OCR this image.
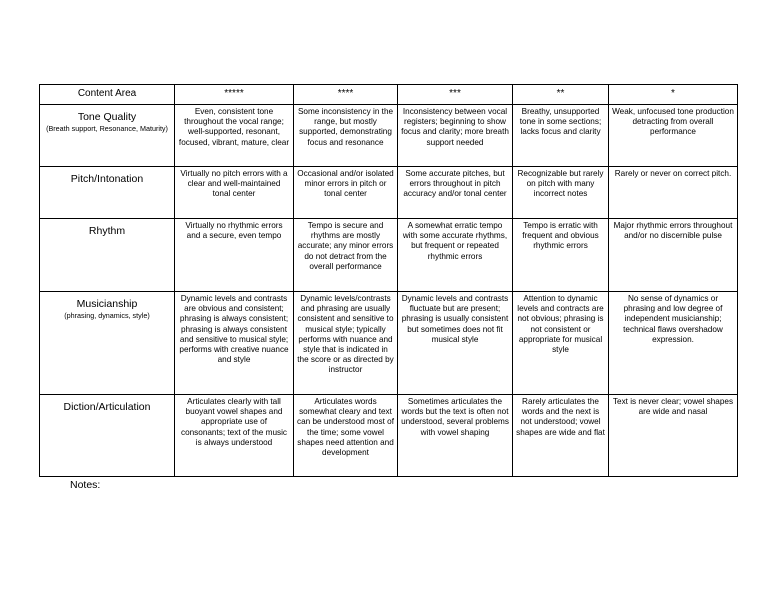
Content Area	*****	****	***	**	*

Tone Quality
(Breath support, Resonance, Maturity)	Even, consistent tone throughout the vocal range; well-supported, resonant, focused, vibrant, mature, clear	Some inconsistency in the range, but mostly supported, demonstrating focus and resonance	Inconsistency between vocal registers; beginning to show focus and clarity; more breath support needed	Breathy, unsupported tone in some sections; lacks focus and clarity	Weak, unfocused tone production detracting from overall performance

Pitch/Intonation	Virtually no pitch errors with a clear and well-maintained tonal center	Occasional and/or isolated minor errors in pitch or tonal center	Some accurate pitches, but errors throughout in pitch accuracy and/or tonal center	Recognizable but rarely on pitch with many incorrect notes	Rarely or never on correct pitch.

Rhythm	Virtually no rhythmic errors and a secure, even tempo	Tempo is secure and rhythms are mostly accurate; any minor errors do not detract from the overall performance	A somewhat erratic tempo with some accurate rhythms, but frequent or repeated rhythmic errors	Tempo is erratic with frequent and obvious rhythmic errors	Major rhythmic errors throughout and/or no discernible pulse

Musicianship
(phrasing, dynamics, style)	Dynamic levels and contrasts are obvious and consistent; phrasing is always consistent; phrasing is always consistent and sensitive to musical style; performs with creative nuance and style	Dynamic levels/contrasts and phrasing are usually consistent and sensitive to musical style; typically performs with nuance and style that is indicated in the score or as directed by instructor	Dynamic levels and contrasts fluctuate but are present; phrasing is usually consistent but sometimes does not fit musical style	Attention to dynamic levels and contracts are not obvious; phrasing is not consistent or appropriate for musical style	No sense of dynamics or phrasing and low degree of independent musicianship; technical flaws overshadow expression.

Diction/Articulation	Articulates clearly with tall buoyant vowel shapes and appropriate use of consonants; text of the music is always understood	Articulates words somewhat cleary and text can be understood most of the time; some vowel shapes need attention and development	Sometimes articulates the words but the text is often not understood, several problems with vowel shaping	Rarely articulates the words and the next is not understood; vowel shapes are wide and flat	Text is never clear; vowel shapes are wide and nasal
Notes:
